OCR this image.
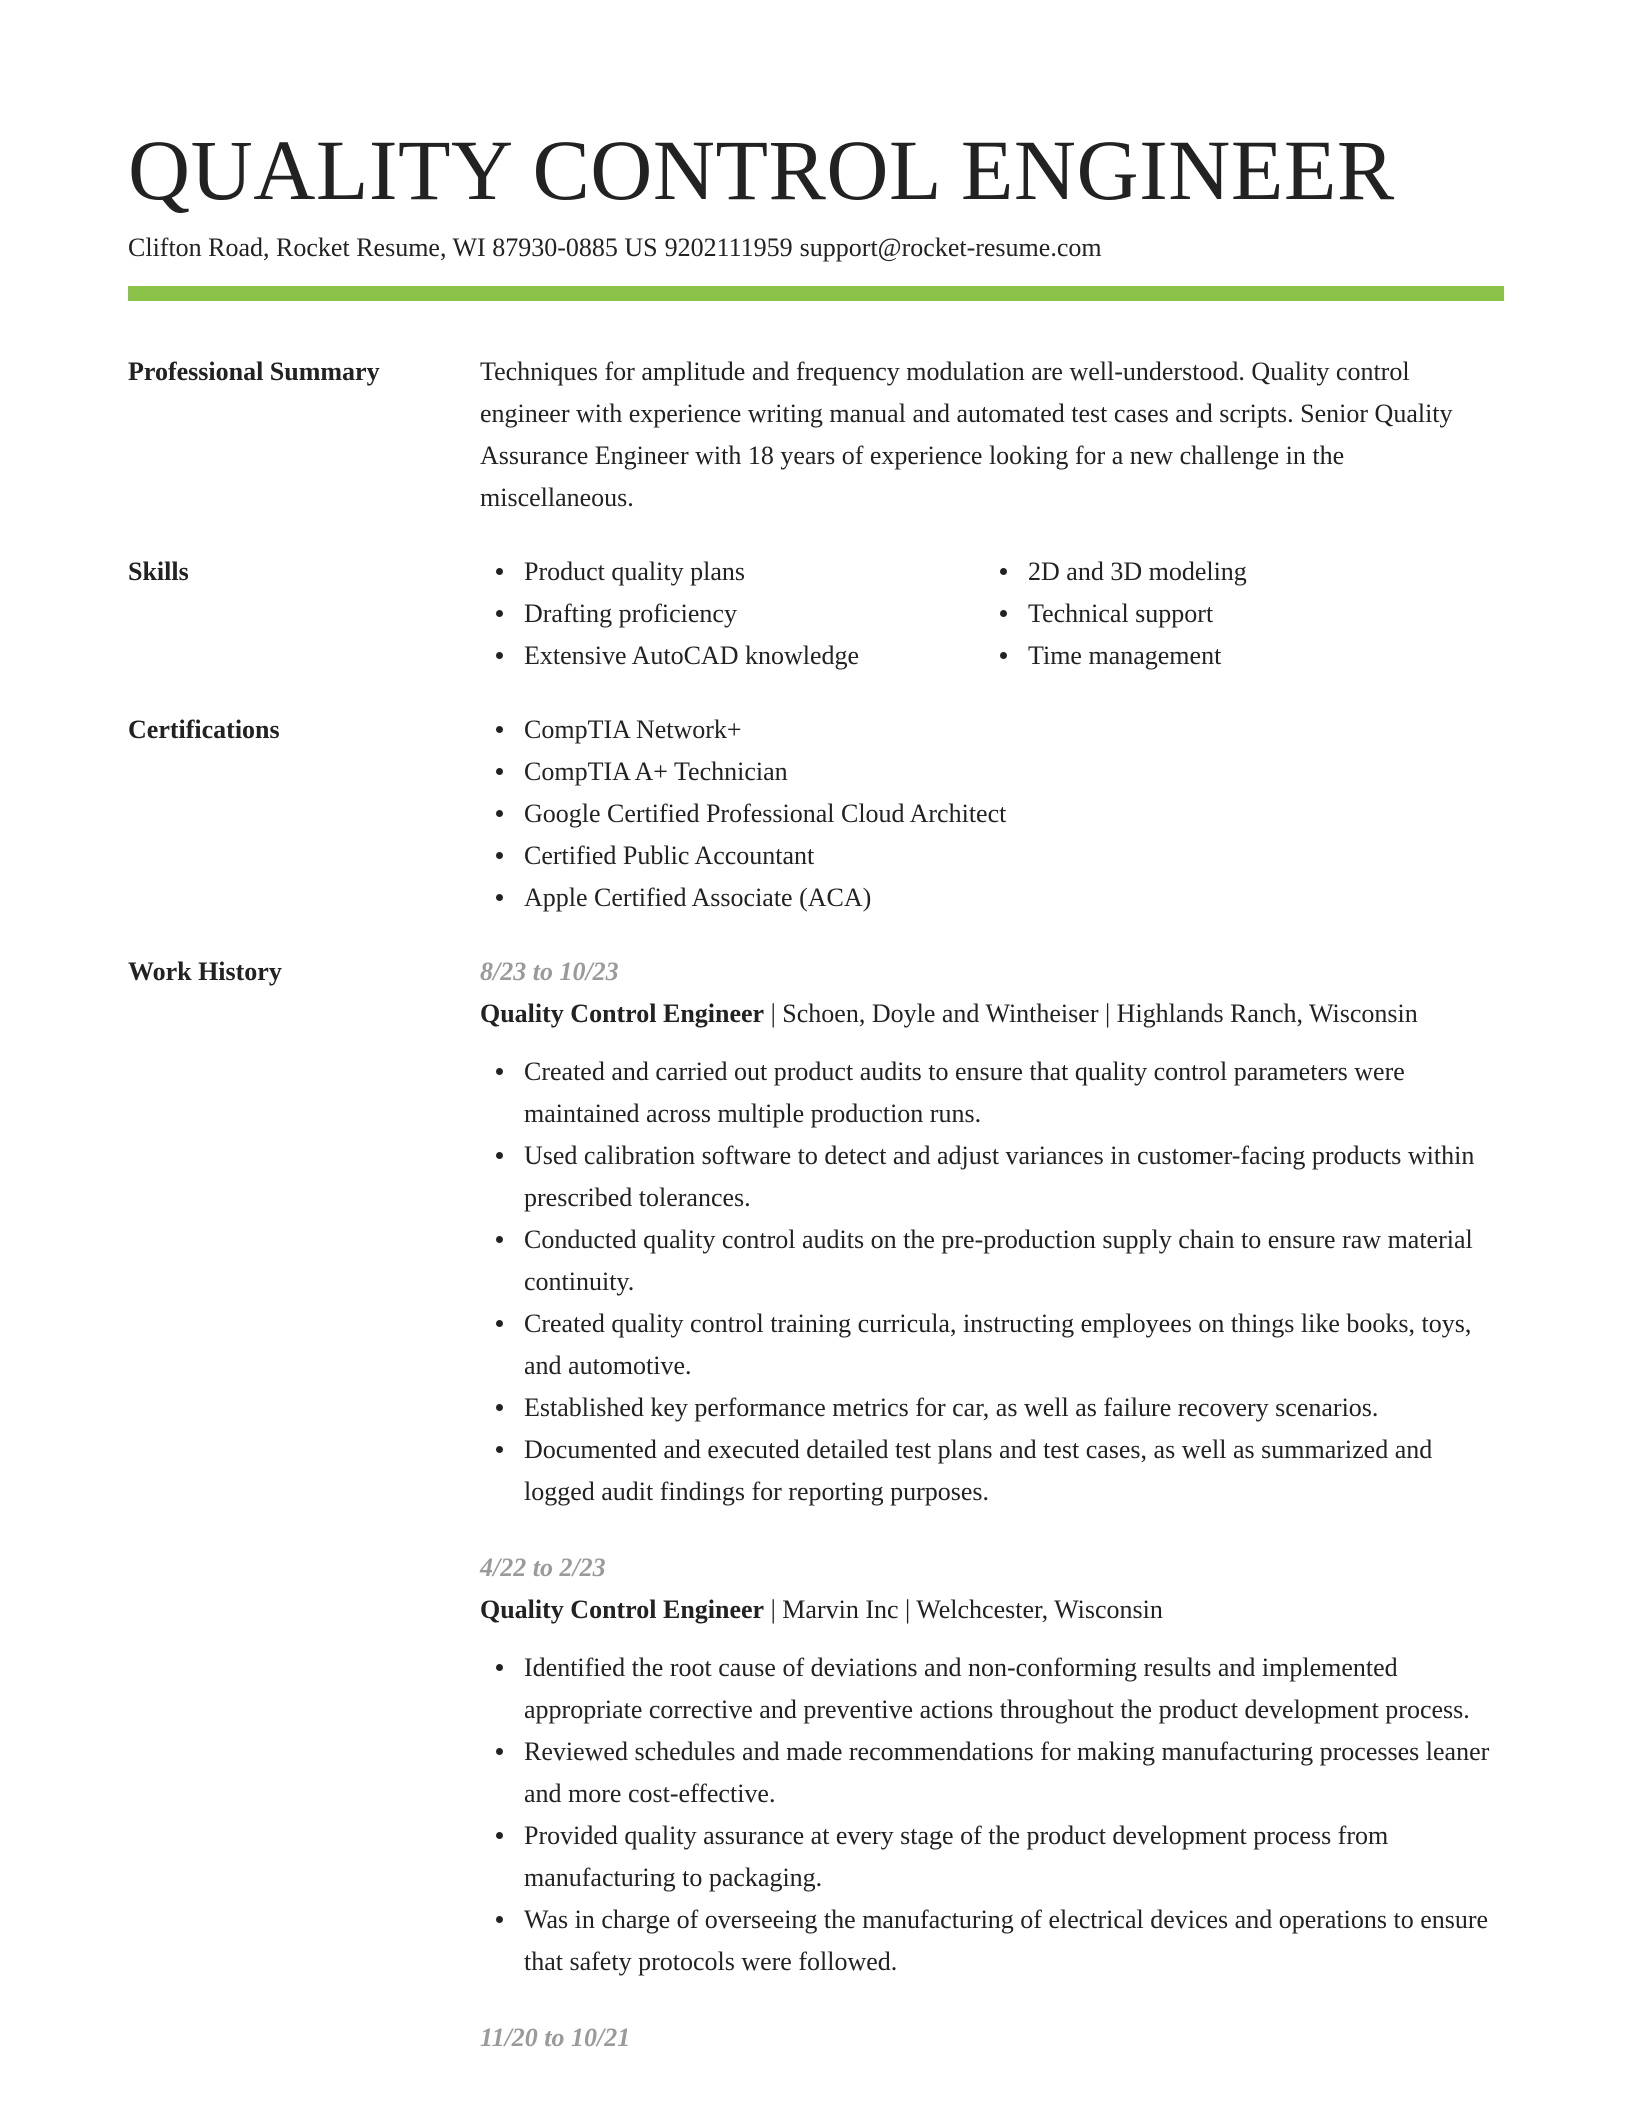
QUALITY CONTROL ENGINEER
Clifton Road, Rocket Resume, WI 87930-0885 US 9202111959 support@rocket-resume.com
Professional Summary	Techniques for amplitude and frequency modulation are well-understood. Quality control engineer with experience writing manual and automated test cases and scripts. Senior Quality Assurance Engineer with 18 years of experience looking for a new challenge in the miscellaneous.
Skills	Product quality plans
Drafting proficiency
Extensive AutoCAD knowledge
2D and 3D modeling
Technical support
Time management
Certifications	CompTIA Network+
CompTIA A+ Technician
Google Certified Professional Cloud Architect
Certified Public Accountant
Apple Certified Associate (ACA)
Work History	8/23 to 10/23
Quality Control Engineer | Schoen, Doyle and Wintheiser | Highlands Ranch, Wisconsin
Created and carried out product audits to ensure that quality control parameters were maintained across multiple production runs.
Used calibration software to detect and adjust variances in customer-facing products within prescribed tolerances.
Conducted quality control audits on the pre-production supply chain to ensure raw material continuity.
Created quality control training curricula, instructing employees on things like books, toys, and automotive.
Established key performance metrics for car, as well as failure recovery scenarios.
Documented and executed detailed test plans and test cases, as well as summarized and logged audit findings for reporting purposes.
4/22 to 2/23
Quality Control Engineer | Marvin Inc | Welchcester, Wisconsin
Identified the root cause of deviations and non-conforming results and implemented appropriate corrective and preventive actions throughout the product development process.
Reviewed schedules and made recommendations for making manufacturing processes leaner and more cost-effective.
Provided quality assurance at every stage of the product development process from manufacturing to packaging.
Was in charge of overseeing the manufacturing of electrical devices and operations to ensure that safety protocols were followed.
11/20 to 10/21
